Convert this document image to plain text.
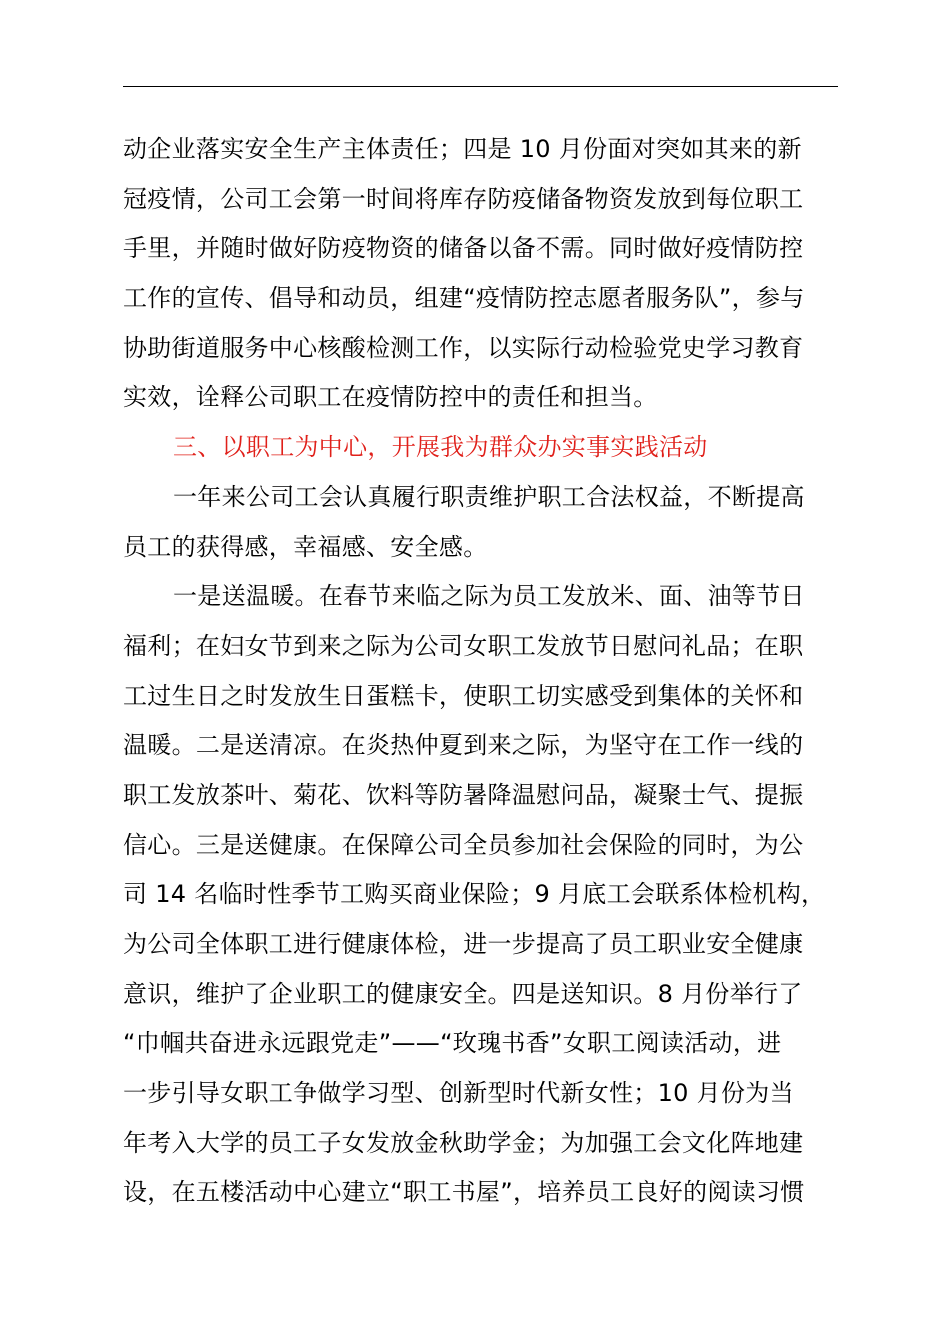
动企业落实安全生产主体责任；四是 10 月份面对突如其来的新
冠疫情，公司工会第一时间将库存防疫储备物资发放到每位职工
手里，并随时做好防疫物资的储备以备不需。同时做好疫情防控
工作的宣传、倡导和动员，组建“疫情防控志愿者服务队”，参与
协助街道服务中心核酸检测工作，以实际行动检验党史学习教育
实效，诠释公司职工在疫情防控中的责任和担当。
三、以职工为中心，开展我为群众办实事实践活动
一年来公司工会认真履行职责维护职工合法权益，不断提高
员工的获得感，幸福感、安全感。
一是送温暖。在春节来临之际为员工发放米、面、油等节日
福利；在妇女节到来之际为公司女职工发放节日慰问礼品；在职
工过生日之时发放生日蛋糕卡，使职工切实感受到集体的关怀和
温暖。二是送清凉。在炎热仲夏到来之际，为坚守在工作一线的
职工发放茶叶、菊花、饮料等防暑降温慰问品，凝聚士气、提振
信心。三是送健康。在保障公司全员参加社会保险的同时，为公
司 14 名临时性季节工购买商业保险；9 月底工会联系体检机构，
为公司全体职工进行健康体检，进一步提高了员工职业安全健康
意识，维护了企业职工的健康安全。四是送知识。8 月份举行了
“巾帼共奋进永远跟党走”——“玫瑰书香”女职工阅读活动，进
一步引导女职工争做学习型、创新型时代新女性；10 月份为当
年考入大学的员工子女发放金秋助学金；为加强工会文化阵地建
设，在五楼活动中心建立“职工书屋”，培养员工良好的阅读习惯
